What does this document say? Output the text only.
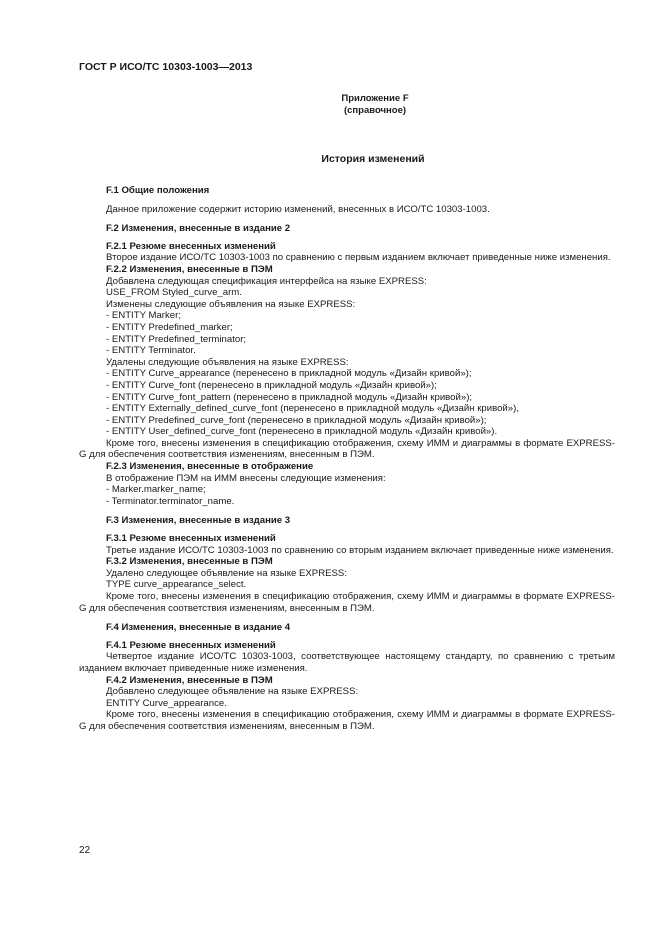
ГОСТ Р ИСО/ТС 10303-1003—2013
Приложение F
(справочное)
История изменений

F.1 Общие положения

Данное приложение содержит историю изменений, внесенных в ИСО/ТС 10303-1003.

F.2 Изменения, внесенные в издание 2

F.2.1 Резюме внесенных изменений

Второе издание ИСО/ТС 10303-1003 по сравнению с первым изданием включает приведенные ниже изменения.

F.2.2 Изменения, внесенные в ПЭМ

Добавлена следующая спецификация интерфейса на языке EXPRESS:

USE_FROM Styled_curve_arm.

Изменены следующие объявления на языке EXPRESS:

- ENTITY Marker;

- ENTITY Predefined_marker;

- ENTITY Predefined_terminator;

- ENTITY Terminator.

Удалены следующие объявления на языке EXPRESS:

- ENTITY Curve_appearance (перенесено в прикладной модуль «Дизайн кривой»);

- ENTITY Curve_font (перенесено в прикладной модуль «Дизайн кривой»);

- ENTITY Curve_font_pattern (перенесено в прикладной модуль «Дизайн кривой»);

- ENTITY Externally_defined_curve_font (перенесено в прикладной модуль «Дизайн кривой»),

- ENTITY Predefined_curve_font (перенесено в прикладной модуль «Дизайн кривой»);

- ENTITY User_defined_curve_font (перенесено в прикладной модуль «Дизайн кривой»).

Кроме того, внесены изменения в спецификацию отображения, схему ИММ и диаграммы в формате EXPRESS-G для обеспечения соответствия изменениям, внесенным в ПЭМ.

F.2.3 Изменения, внесенные в отображение

В отображение ПЭМ на ИММ внесены следующие изменения:

- Marker.marker_name;

- Terminator.terminator_name.

F.3 Изменения, внесенные в издание 3

F.3.1 Резюме внесенных изменений

Третье издание ИСО/ТС 10303-1003 по сравнению со вторым изданием включает приведенные ниже изменения.

F.3.2 Изменения, внесенные в ПЭМ

Удалено следующее объявление на языке EXPRESS:

TYPE curve_appearance_select.

Кроме того, внесены изменения в спецификацию отображения, схему ИММ и диаграммы в формате EXPRESS-G для обеспечения соответствия изменениям, внесенным в ПЭМ.

F.4 Изменения, внесенные в издание 4

F.4.1 Резюме внесенных изменений

Четвертое издание ИСО/ТС 10303-1003, соответствующее настоящему стандарту, по сравнению с третьим изданием включает приведенные ниже изменения.

F.4.2 Изменения, внесенные в ПЭМ

Добавлено следующее объявление на языке EXPRESS:

ENTITY Curve_appearance.

Кроме того, внесены изменения в спецификацию отображения, схему ИММ и диаграммы в формате EXPRESS-G для обеспечения соответствия изменениям, внесенным в ПЭМ.

22
